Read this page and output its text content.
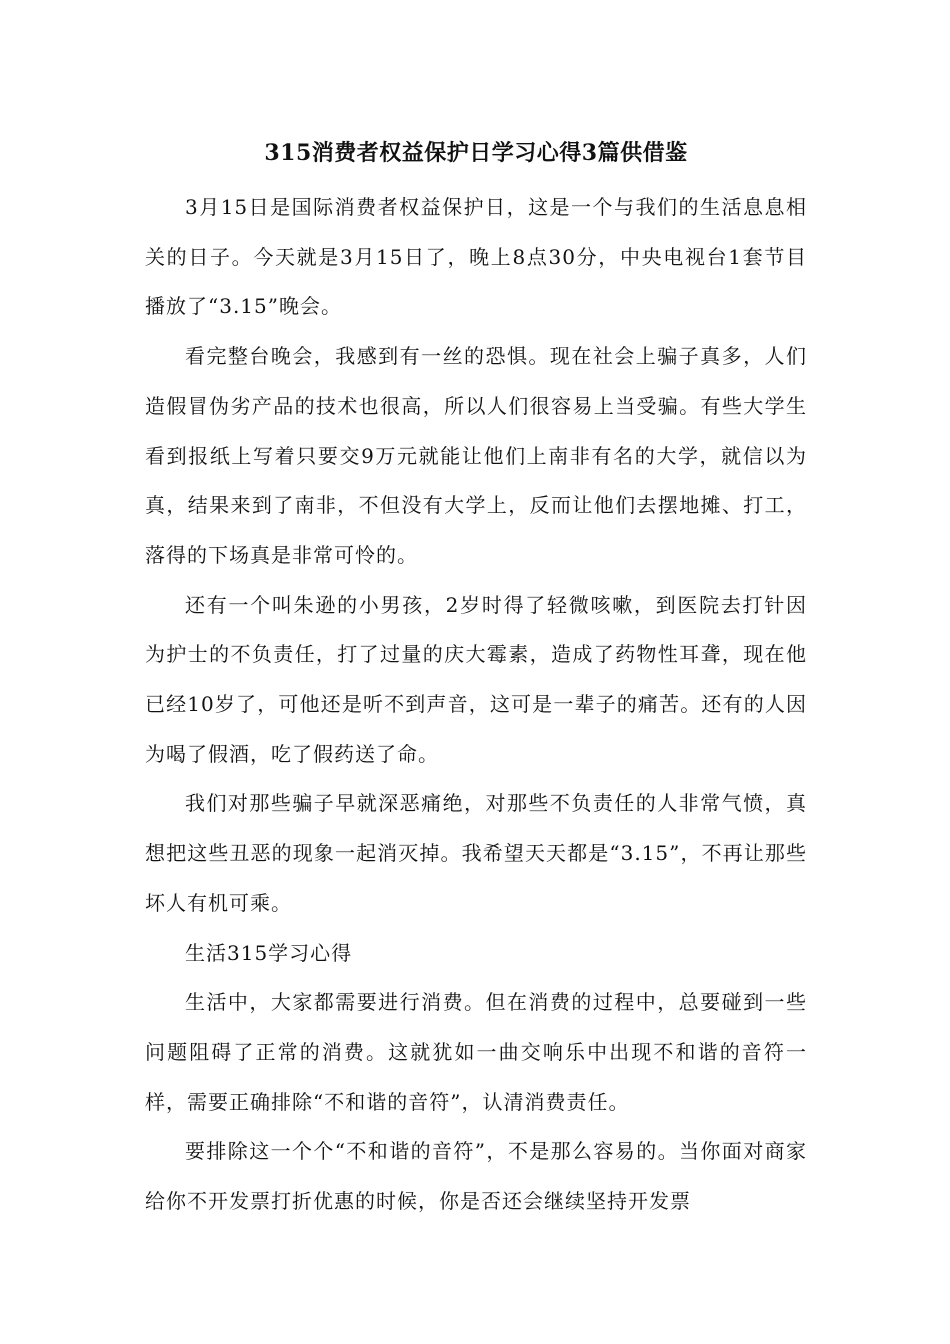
315消费者权益保护日学习心得3篇供借鉴

3月15日是国际消费者权益保护日，这是一个与我们的生活息息相关的日子。今天就是3月15日了，晚上8点30分，中央电视台1套节目播放了“3.15”晚会。

看完整台晚会，我感到有一丝的恐惧。现在社会上骗子真多，人们造假冒伪劣产品的技术也很高，所以人们很容易上当受骗。有些大学生看到报纸上写着只要交9万元就能让他们上南非有名的大学，就信以为真，结果来到了南非，不但没有大学上，反而让他们去摆地摊、打工，落得的下场真是非常可怜的。

还有一个叫朱逊的小男孩，2岁时得了轻微咳嗽，到医院去打针因为护士的不负责任，打了过量的庆大霉素，造成了药物性耳聋，现在他已经10岁了，可他还是听不到声音，这可是一辈子的痛苦。还有的人因为喝了假酒，吃了假药送了命。

我们对那些骗子早就深恶痛绝，对那些不负责任的人非常气愤，真想把这些丑恶的现象一起消灭掉。我希望天天都是“3.15”，不再让那些坏人有机可乘。

生活315学习心得

生活中，大家都需要进行消费。但在消费的过程中，总要碰到一些问题阻碍了正常的消费。这就犹如一曲交响乐中出现不和谐的音符一样，需要正确排除“不和谐的音符”，认清消费责任。

要排除这一个个“不和谐的音符”，不是那么容易的。当你面对商家给你不开发票打折优惠的时候，你是否还会继续坚持开发票
